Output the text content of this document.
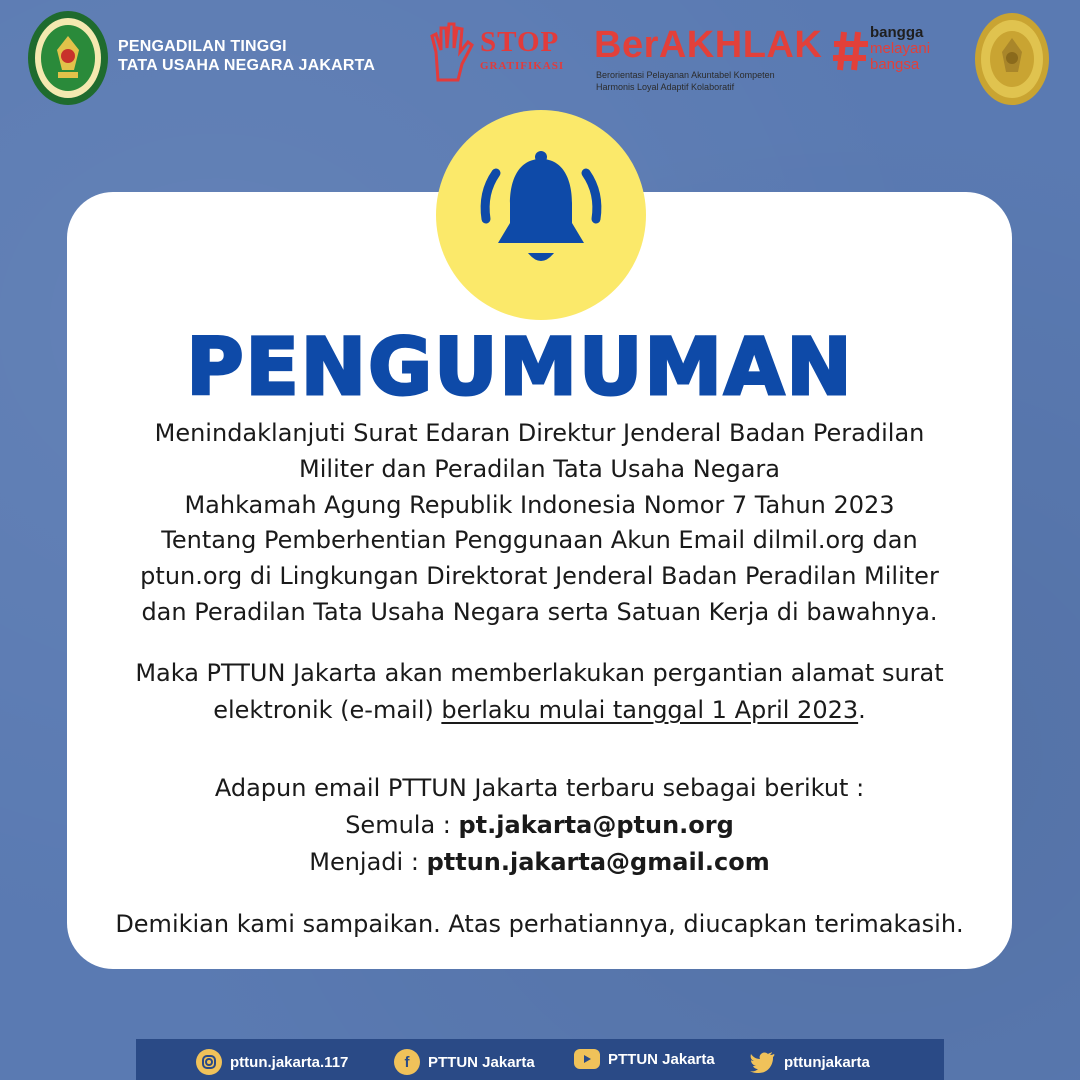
PENGADILAN TINGGI
TATA USAHA NEGARA JAKARTA
STOP
GRATIFIKASI BerAKHLAK
Berorientasi Pelayanan Akuntabel Kompeten
Harmonis Loyal Adaptif Kolaboratif
bangga
melayani
bangsa
PENGUMUMAN
Menindaklanjuti Surat Edaran Direktur Jenderal Badan Peradilan
Militer dan Peradilan Tata Usaha Negara
Mahkamah Agung Republik Indonesia Nomor 7 Tahun 2023
Tentang Pemberhentian Penggunaan Akun Email dilmil.org dan
ptun.org di Lingkungan Direktorat Jenderal Badan Peradilan Militer
dan Peradilan Tata Usaha Negara serta Satuan Kerja di bawahnya.
Maka PTTUN Jakarta akan memberlakukan pergantian alamat surat
elektronik (e-mail) berlaku mulai tanggal 1 April 2023.
Adapun email PTTUN Jakarta terbaru sebagai berikut :
Semula : pt.jakarta@ptun.org
Menjadi : pttun.jakarta@gmail.com
Demikian kami sampaikan. Atas perhatiannya, diucapkan terimakasih.
pttun.jakarta.117	f	PTTUN Jakarta	PTTUN Jakarta	pttunjakarta
